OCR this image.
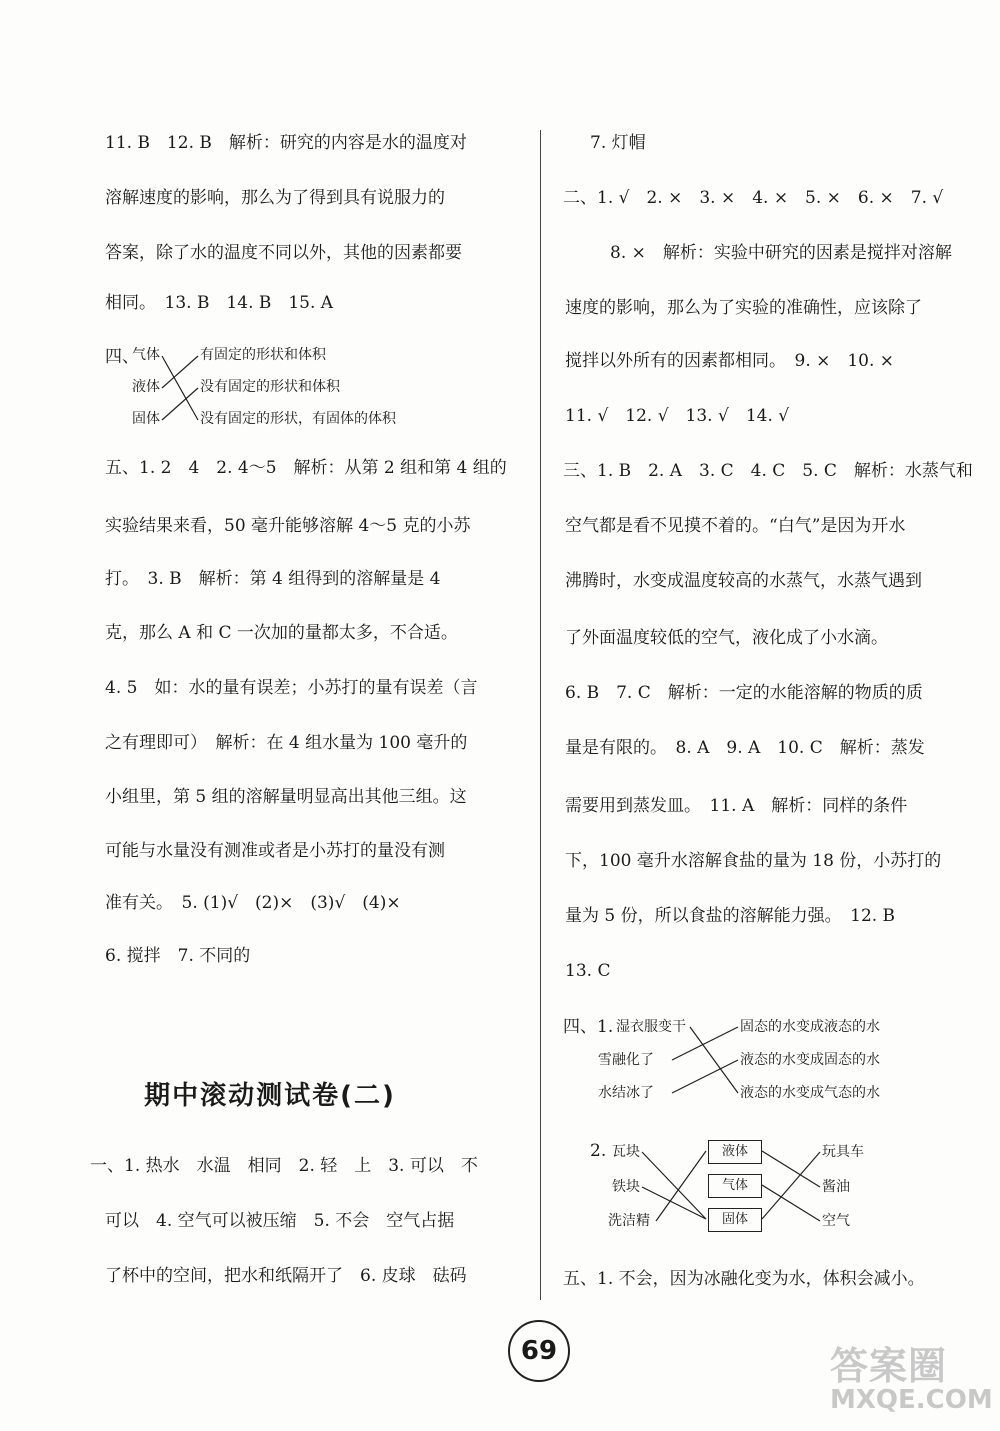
11. B　12. B　解析：研究的内容是水的温度对
溶解速度的影响，那么为了得到具有说服力的
答案，除了水的温度不同以外，其他的因素都要
相同。　13. B　14. B　15. A
四、
气体
液体
固体
有固定的形状和体积
没有固定的形状和体积
没有固定的形状，有固体的体积
五、1. 2　4　2. 4～5　解析：从第 2 组和第 4 组的
实验结果来看，50 毫升能够溶解 4～5 克的小苏
打。　3. B　解析：第 4 组得到的溶解量是 4
克，那么 A 和 C 一次加的量都太多，不合适。
4. 5　如：水的量有误差；小苏打的量有误差（言
之有理即可）　解析：在 4 组水量为 100 毫升的
小组里，第 5 组的溶解量明显高出其他三组。这
可能与水量没有测准或者是小苏打的量没有测
准有关。　5. (1)√　(2)×　(3)√　(4)×
6. 搅拌　7. 不同的
期中滚动测试卷(二)
一、1. 热水　水温　相同　2. 轻　上　3. 可以　不
可以　4. 空气可以被压缩　5. 不会　空气占据
了杯中的空间，把水和纸隔开了　6. 皮球　砝码
7. 灯帽
二、1. √　2. ×　3. ×　4. ×　5. ×　6. ×　7. √
8. ×　解析：实验中研究的因素是搅拌对溶解
速度的影响，那么为了实验的准确性，应该除了
搅拌以外所有的因素都相同。　9. ×　10. ×
11. √　12. √　13. √　14. √
三、1. B　2. A　3. C　4. C　5. C　解析：水蒸气和
空气都是看不见摸不着的。“白气”是因为开水
沸腾时，水变成温度较高的水蒸气，水蒸气遇到
了外面温度较低的空气，液化成了小水滴。
6. B　7. C　解析：一定的水能溶解的物质的质
量是有限的。　8. A　9. A　10. C　解析：蒸发
需要用到蒸发皿。　11. A　解析：同样的条件
下，100 毫升水溶解食盐的量为 18 份，小苏打的
量为 5 份，所以食盐的溶解能力强。　12. B
13. C
四、1. 湿衣服变干
雪融化了
水结冰了
固态的水变成液态的水
液态的水变成固态的水
液态的水变成气态的水
2. 瓦块
铁块
洗洁精
液体
气体
固体
玩具车
酱油
空气
五、1. 不会，因为冰融化变为水，体积会减小。
69	答案圈
MXQE.COM
